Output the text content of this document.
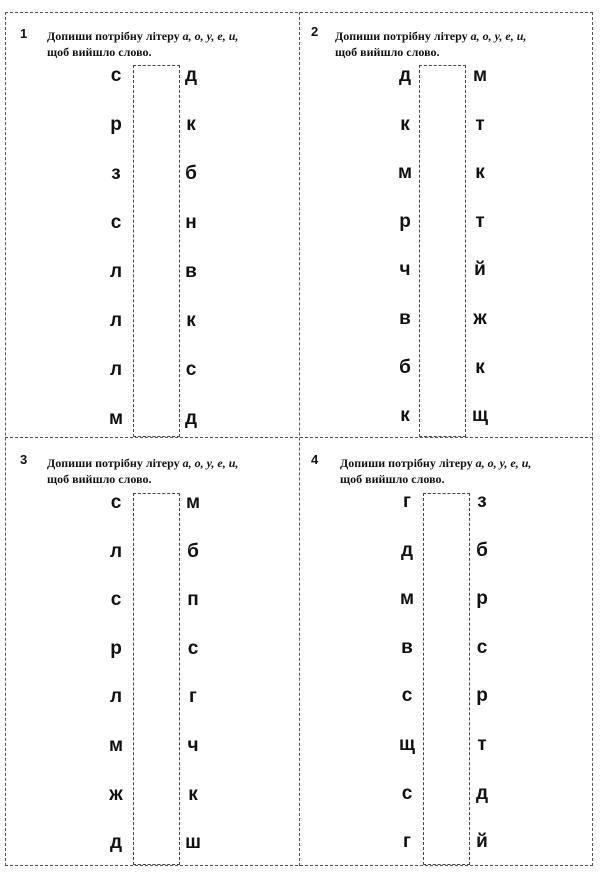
1 Допиши потрібну літеру а, о, у, е, и,
щоб вийшло слово.
с	д
р	к
з	б
с	н
л	в
л	к
л	с
м	д
2 Допиши потрібну літеру а, о, у, е, и,
щоб вийшло слово.
д	м
к	т
м	к
р	т
ч	й
в	ж
б	к
к	щ
3 Допиши потрібну літеру а, о, у, е, и,
щоб вийшло слово.
с	м
л	б
с	п
р	с
л	г
м	ч
ж	к
д	ш
4 Допиши потрібну літеру а, о, у, е, и,
щоб вийшло слово.
г	з
д	б
м	р
в	с
с	р
щ	т
с	д
г	й
